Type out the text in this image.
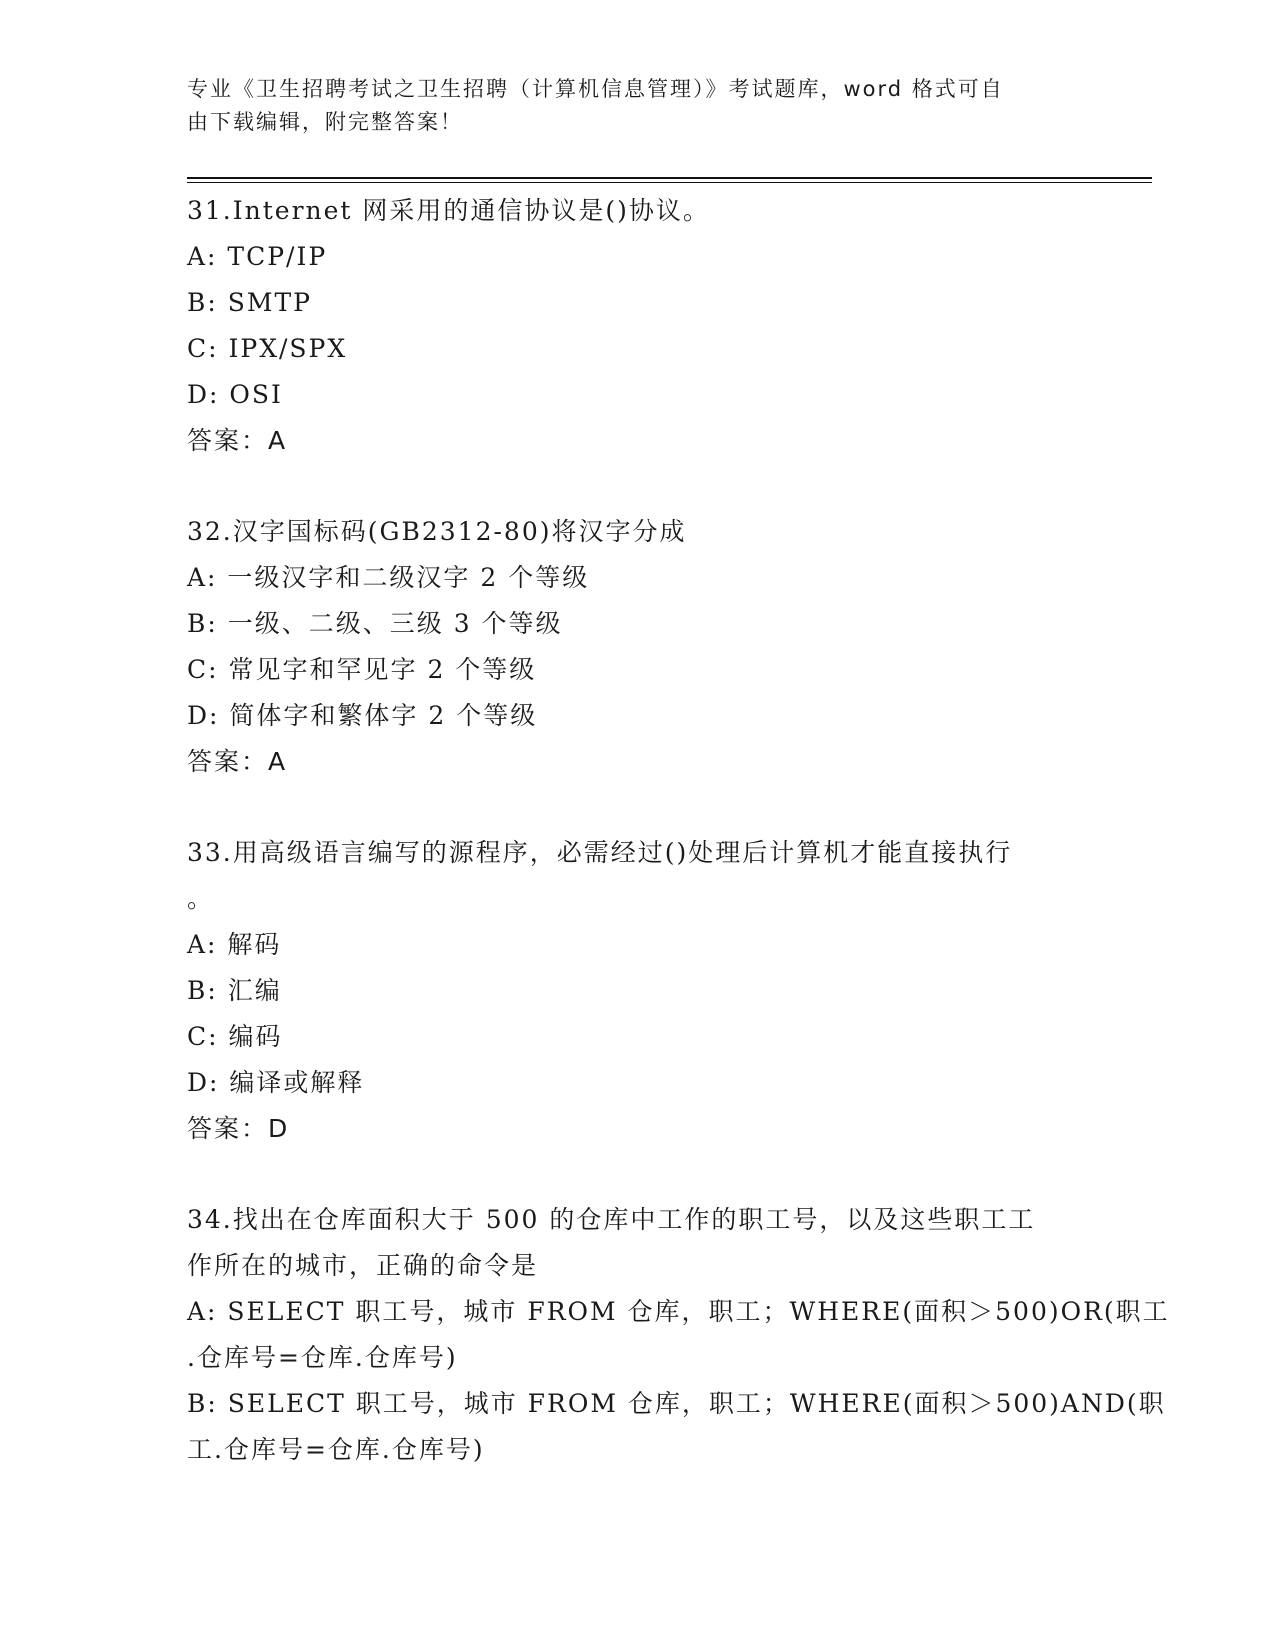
专业《卫生招聘考试之卫生招聘（计算机信息管理）》考试题库，word 格式可自
由下载编辑，附完整答案！
31.Internet 网采用的通信协议是()协议。
A: TCP/IP
B: SMTP
C: IPX/SPX
D: OSI
答案：A
32.汉字国标码(GB2312-80)将汉字分成
A: 一级汉字和二级汉字 2 个等级
B: 一级、二级、三级 3 个等级
C: 常见字和罕见字 2 个等级
D: 简体字和繁体字 2 个等级
答案：A
33.用高级语言编写的源程序，必需经过()处理后计算机才能直接执行
。
A: 解码
B: 汇编
C: 编码
D: 编译或解释
答案：D
34.找出在仓库面积大于 500 的仓库中工作的职工号，以及这些职工工
作所在的城市，正确的命令是
A: SELECT 职工号，城市 FROM 仓库，职工；WHERE(面积＞500)OR(职工
.仓库号=仓库.仓库号)
B: SELECT 职工号，城市 FROM 仓库，职工；WHERE(面积＞500)AND(职
工.仓库号=仓库.仓库号)
